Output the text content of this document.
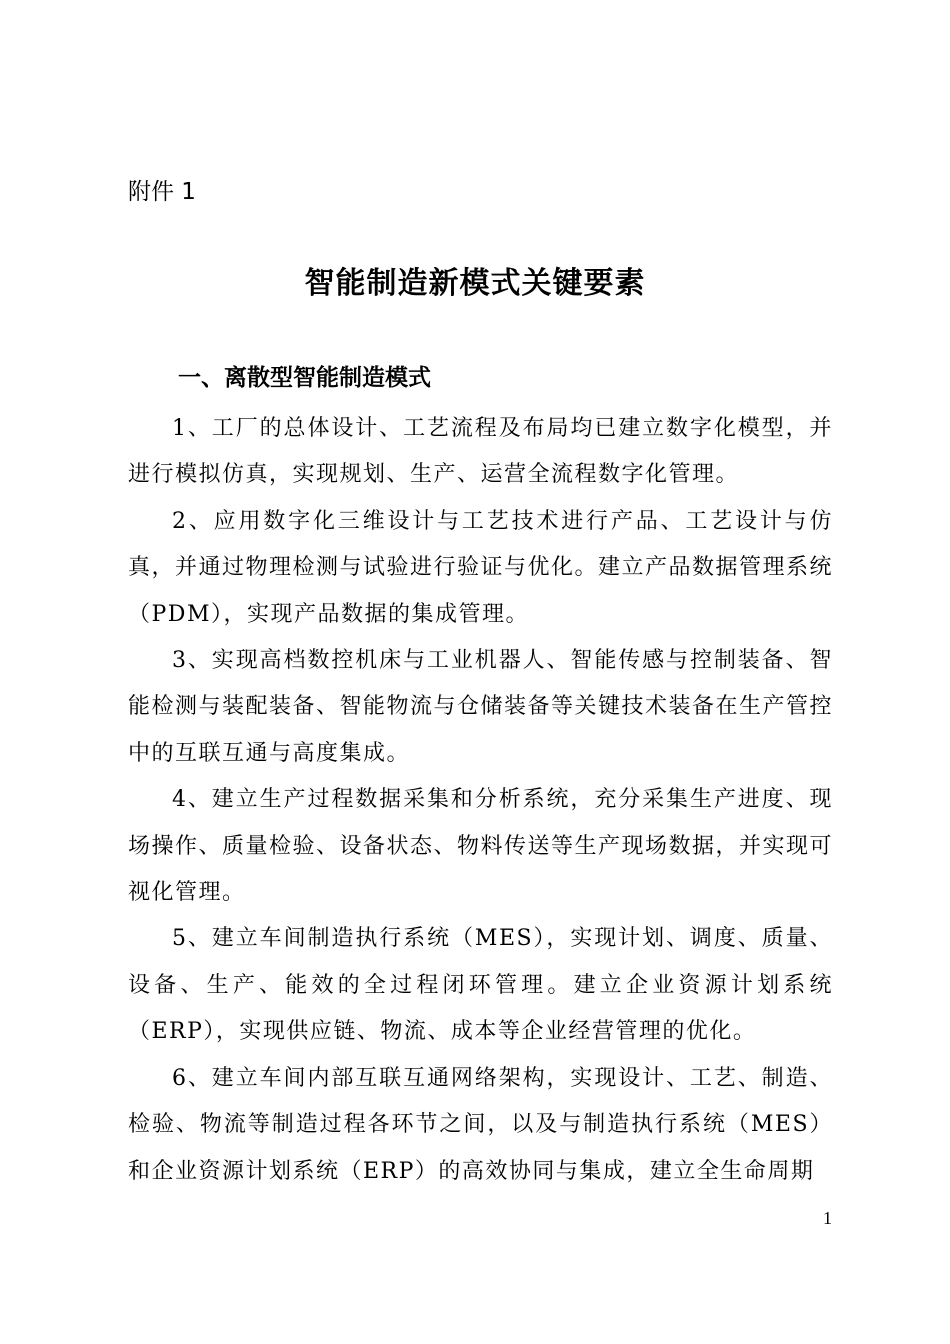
附件 1
智能制造新模式关键要素
一、离散型智能制造模式

1、工厂的总体设计、工艺流程及布局均已建立数字化模型，并进行模拟仿真，实现规划、生产、运营全流程数字化管理。

2、应用数字化三维设计与工艺技术进行产品、工艺设计与仿真，并通过物理检测与试验进行验证与优化。建立产品数据管理系统（PDM），实现产品数据的集成管理。

3、实现高档数控机床与工业机器人、智能传感与控制装备、智能检测与装配装备、智能物流与仓储装备等关键技术装备在生产管控中的互联互通与高度集成。

4、建立生产过程数据采集和分析系统，充分采集生产进度、现场操作、质量检验、设备状态、物料传送等生产现场数据，并实现可视化管理。

5、建立车间制造执行系统（MES），实现计划、调度、质量、设备、生产、能效的全过程闭环管理。建立企业资源计划系统（ERP），实现供应链、物流、成本等企业经营管理的优化。

6、建立车间内部互联互通网络架构，实现设计、工艺、制造、检验、物流等制造过程各环节之间，以及与制造执行系统（MES）和企业资源计划系统（ERP）的高效协同与集成，建立全生命周期

1
